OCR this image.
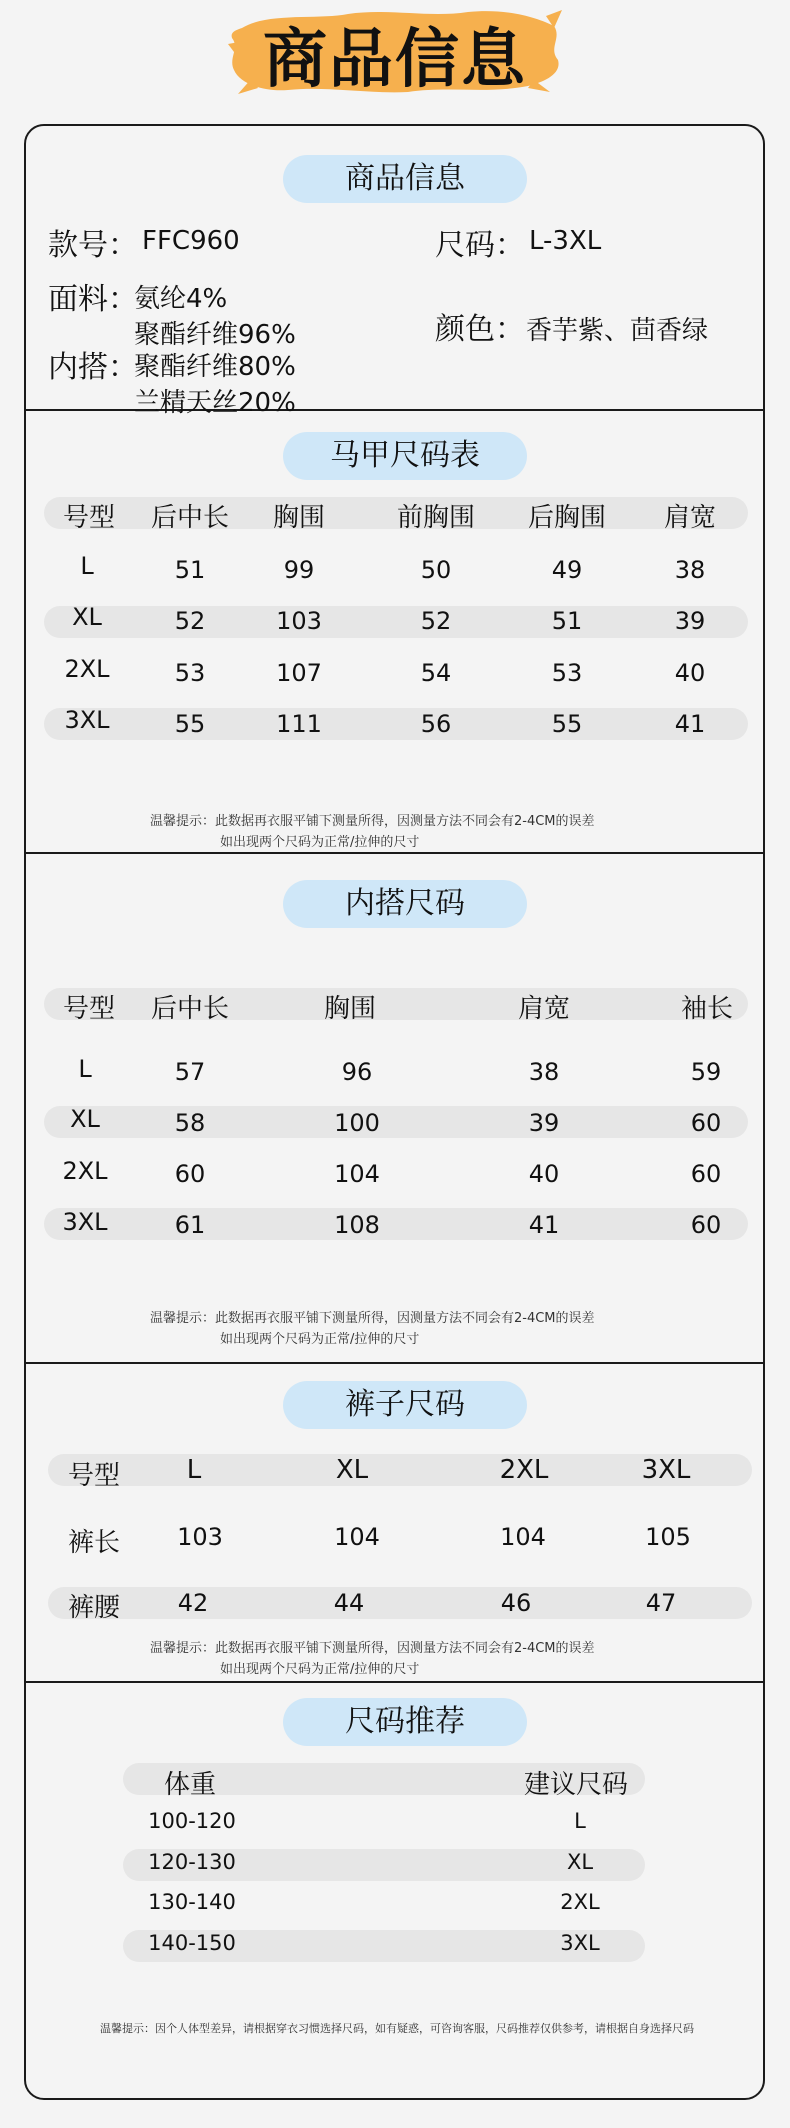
商品信息
商品信息
款号： FFC960	尺码： L-3XL
面料：
氨纶4%
聚酯纤维96%
内搭：
聚酯纤维80%
兰精天丝20%
颜色： 香芋紫、茴香绿
马甲尺码表
号型	后中长	胸围	前胸围	后胸围	肩宽
L	51	99	50	49	38
XL	52	103	52	51	39
2XL	53	107	54	53	40
3XL	55	111	56	55	41
温馨提示：此数据再衣服平铺下测量所得，因测量方法不同会有2-4CM的误差
如出现两个尺码为正常/拉伸的尺寸
内搭尺码
号型	后中长	胸围	肩宽	袖长
L	57	96	38	59
XL	58	100	39	60
2XL	60	104	40	60
3XL	61	108	41	60
温馨提示：此数据再衣服平铺下测量所得，因测量方法不同会有2-4CM的误差
如出现两个尺码为正常/拉伸的尺寸
裤子尺码
号型	L	XL	2XL	3XL
裤长	103	104	104	105
裤腰	42	44	46	47
温馨提示：此数据再衣服平铺下测量所得，因测量方法不同会有2-4CM的误差
如出现两个尺码为正常/拉伸的尺寸
尺码推荐
体重	建议尺码
100-120	L
120-130	XL
130-140	2XL
140-150	3XL
温馨提示：因个人体型差异，请根据穿衣习惯选择尺码，如有疑惑，可咨询客服，尺码推荐仅供参考，请根据自身选择尺码
